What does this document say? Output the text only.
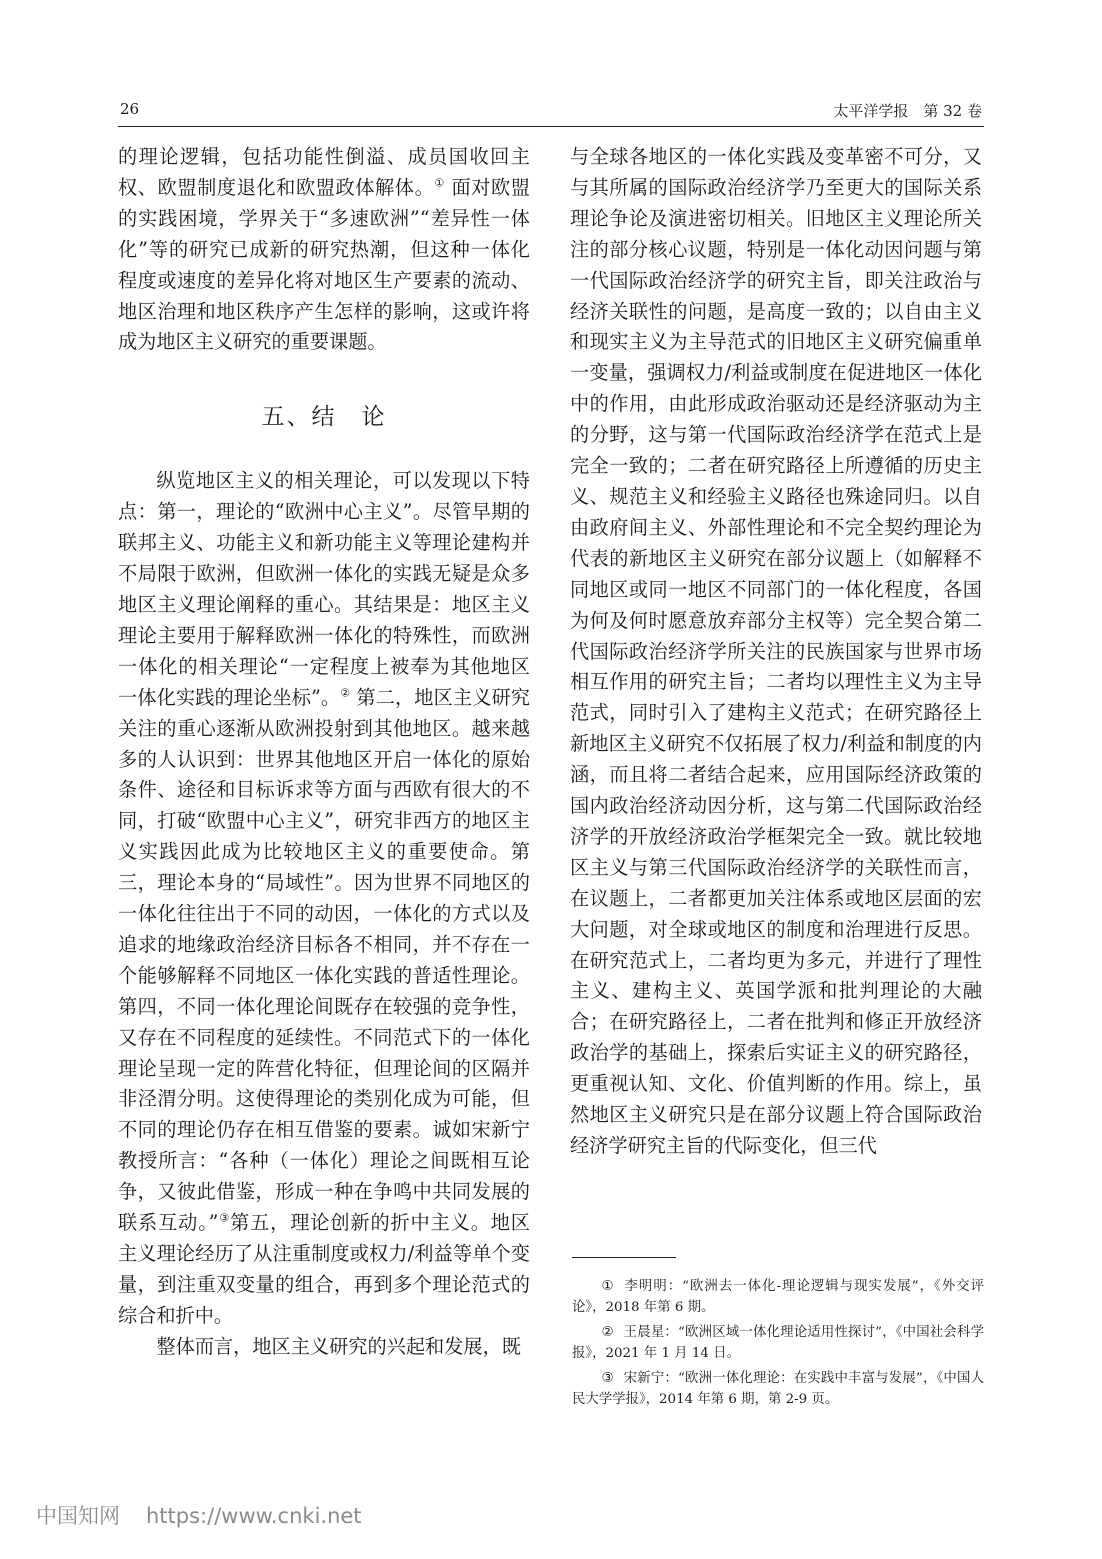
26	太平洋学报　第 32 卷

的理论逻辑，包括功能性倒溢、成员国收回主权、欧盟制度退化和欧盟政体解体。① 面对欧盟的实践困境，学界关于“多速欧洲”“差异性一体化”等的研究已成新的研究热潮，但这种一体化程度或速度的差异化将对地区生产要素的流动、地区治理和地区秩序产生怎样的影响，这或许将成为地区主义研究的重要课题。

五、结　论

纵览地区主义的相关理论，可以发现以下特点：第一，理论的“欧洲中心主义”。尽管早期的联邦主义、功能主义和新功能主义等理论建构并不局限于欧洲，但欧洲一体化的实践无疑是众多地区主义理论阐释的重心。其结果是：地区主义理论主要用于解释欧洲一体化的特殊性，而欧洲一体化的相关理论“一定程度上被奉为其他地区一体化实践的理论坐标”。② 第二，地区主义研究关注的重心逐渐从欧洲投射到其他地区。越来越多的人认识到：世界其他地区开启一体化的原始条件、途径和目标诉求等方面与西欧有很大的不同，打破“欧盟中心主义”，研究非西方的地区主义实践因此成为比较地区主义的重要使命。第三，理论本身的“局域性”。因为世界不同地区的一体化往往出于不同的动因，一体化的方式以及追求的地缘政治经济目标各不相同，并不存在一个能够解释不同地区一体化实践的普适性理论。第四，不同一体化理论间既存在较强的竞争性，又存在不同程度的延续性。不同范式下的一体化理论呈现一定的阵营化特征，但理论间的区隔并非泾渭分明。这使得理论的类别化成为可能，但不同的理论仍存在相互借鉴的要素。诚如宋新宁教授所言：“各种（一体化）理论之间既相互论争，又彼此借鉴，形成一种在争鸣中共同发展的联系互动。”③第五，理论创新的折中主义。地区主义理论经历了从注重制度或权力/利益等单个变量，到注重双变量的组合，再到多个理论范式的综合和折中。

整体而言，地区主义研究的兴起和发展，既

与全球各地区的一体化实践及变革密不可分，又与其所属的国际政治经济学乃至更大的国际关系理论争论及演进密切相关。旧地区主义理论所关注的部分核心议题，特别是一体化动因问题与第一代国际政治经济学的研究主旨，即关注政治与经济关联性的问题，是高度一致的；以自由主义和现实主义为主导范式的旧地区主义研究偏重单一变量，强调权力/利益或制度在促进地区一体化中的作用，由此形成政治驱动还是经济驱动为主的分野，这与第一代国际政治经济学在范式上是完全一致的；二者在研究路径上所遵循的历史主义、规范主义和经验主义路径也殊途同归。以自由政府间主义、外部性理论和不完全契约理论为代表的新地区主义研究在部分议题上（如解释不同地区或同一地区不同部门的一体化程度，各国为何及何时愿意放弃部分主权等）完全契合第二代国际政治经济学所关注的民族国家与世界市场相互作用的研究主旨；二者均以理性主义为主导范式，同时引入了建构主义范式；在研究路径上新地区主义研究不仅拓展了权力/利益和制度的内涵，而且将二者结合起来，应用国际经济政策的国内政治经济动因分析，这与第二代国际政治经济学的开放经济政治学框架完全一致。就比较地区主义与第三代国际政治经济学的关联性而言，在议题上，二者都更加关注体系或地区层面的宏大问题，对全球或地区的制度和治理进行反思。在研究范式上，二者均更为多元，并进行了理性主义、建构主义、英国学派和批判理论的大融合；在研究路径上，二者在批判和修正开放经济政治学的基础上，探索后实证主义的研究路径，更重视认知、文化、价值判断的作用。综上，虽然地区主义研究只是在部分议题上符合国际政治经济学研究主旨的代际变化，但三代

① 李明明：“欧洲去一体化-理论逻辑与现实发展”，《外交评论》，2018 年第 6 期。

② 王晨星：“欧洲区域一体化理论适用性探讨”，《中国社会科学报》，2021 年 1 月 14 日。

③ 宋新宁：“欧洲一体化理论：在实践中丰富与发展”，《中国人民大学学报》，2014 年第 6 期，第 2-9 页。

中国知网 https://www.cnki.net
